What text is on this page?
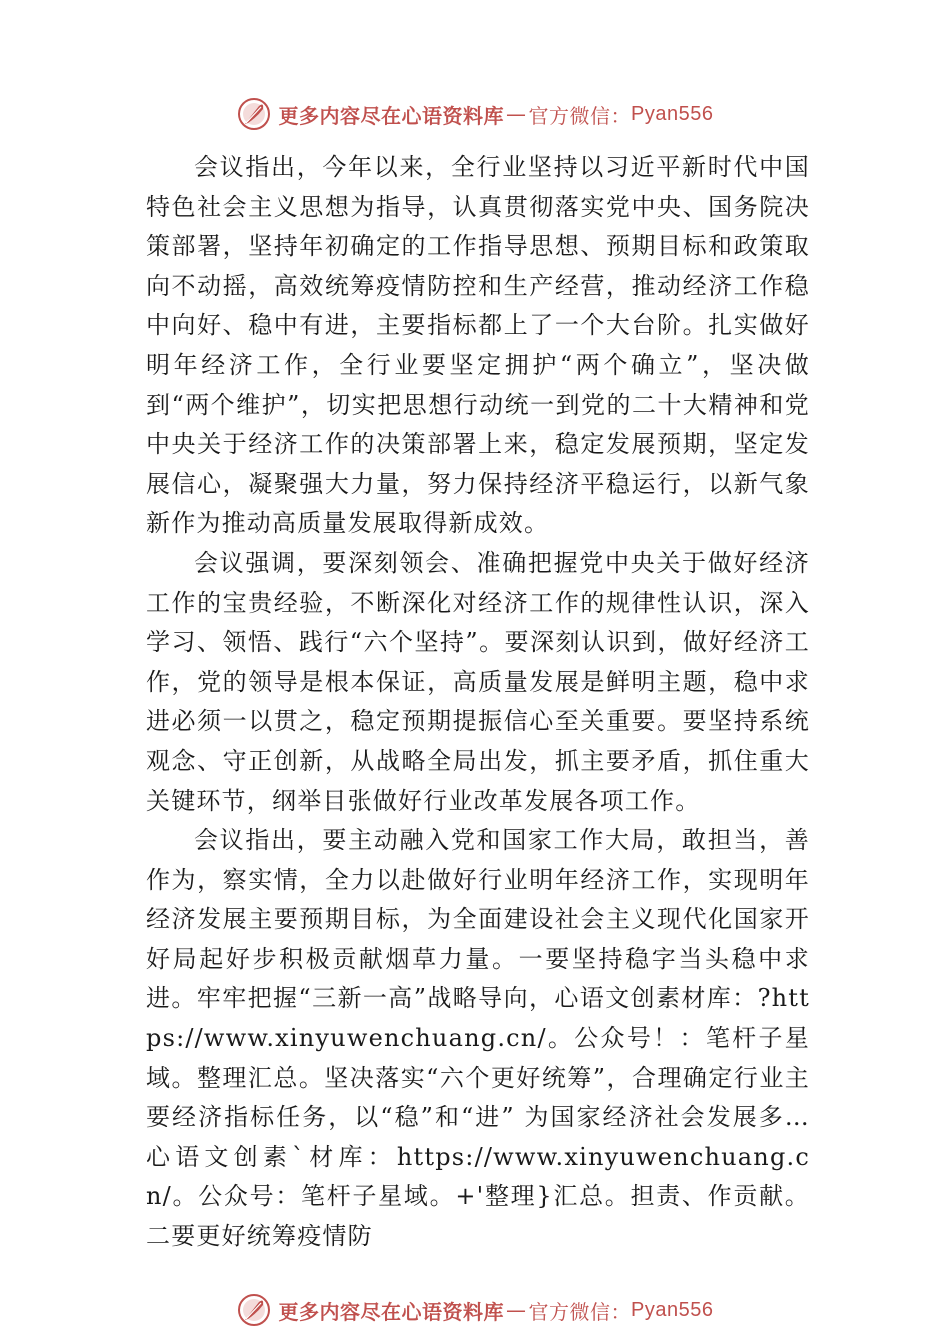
更多内容尽在心语资料库 — 官方微信： Pyan556

会议指出，今年以来，全行业坚持以习近平新时代中国特色社会主义思想为指导，认真贯彻落实党中央、国务院决策部署，坚持年初确定的工作指导思想、预期目标和政策取向不动摇，高效统筹疫情防控和生产经营，推动经济工作稳中向好、稳中有进，主要指标都上了一个大台阶。扎实做好明年经济工作，全行业要坚定拥护“两个确立”，坚决做到“两个维护”，切实把思想行动统一到党的二十大精神和党中央关于经济工作的决策部署上来，稳定发展预期，坚定发展信心，凝聚强大力量，努力保持经济平稳运行，以新气象新作为推动高质量发展取得新成效。

会议强调，要深刻领会、准确把握党中央关于做好经济工作的宝贵经验，不断深化对经济工作的规律性认识，深入学习、领悟、践行“六个坚持”。要深刻认识到，做好经济工作，党的领导是根本保证，高质量发展是鲜明主题，稳中求进必须一以贯之，稳定预期提振信心至关重要。要坚持系统观念、守正创新，从战略全局出发，抓主要矛盾，抓住重大关键环节，纲举目张做好行业改革发展各项工作。

会议指出，要主动融入党和国家工作大局，敢担当，善作为，察实情，全力以赴做好行业明年经济工作，实现明年经济发展主要预期目标，为全面建设社会主义现代化国家开好局起好步积极贡献烟草力量。一要坚持稳字当头稳中求进。牢牢把握“三新一高”战略导向，心语文创素材库：?https://www.xinyuwenchuang.cn/。公众号！：笔杆子星域。整理汇总。坚决落实“六个更好统筹”，合理确定行业主要经济指标任务，以“稳”和“进” 为国家经济社会发展多…心语文创素`材库：https://www.xinyuwenchuang.cn/。公众号：笔杆子星域。+'整理}汇总。担责、作贡献。二要更好统筹疫情防

更多内容尽在心语资料库 — 官方微信： Pyan556
